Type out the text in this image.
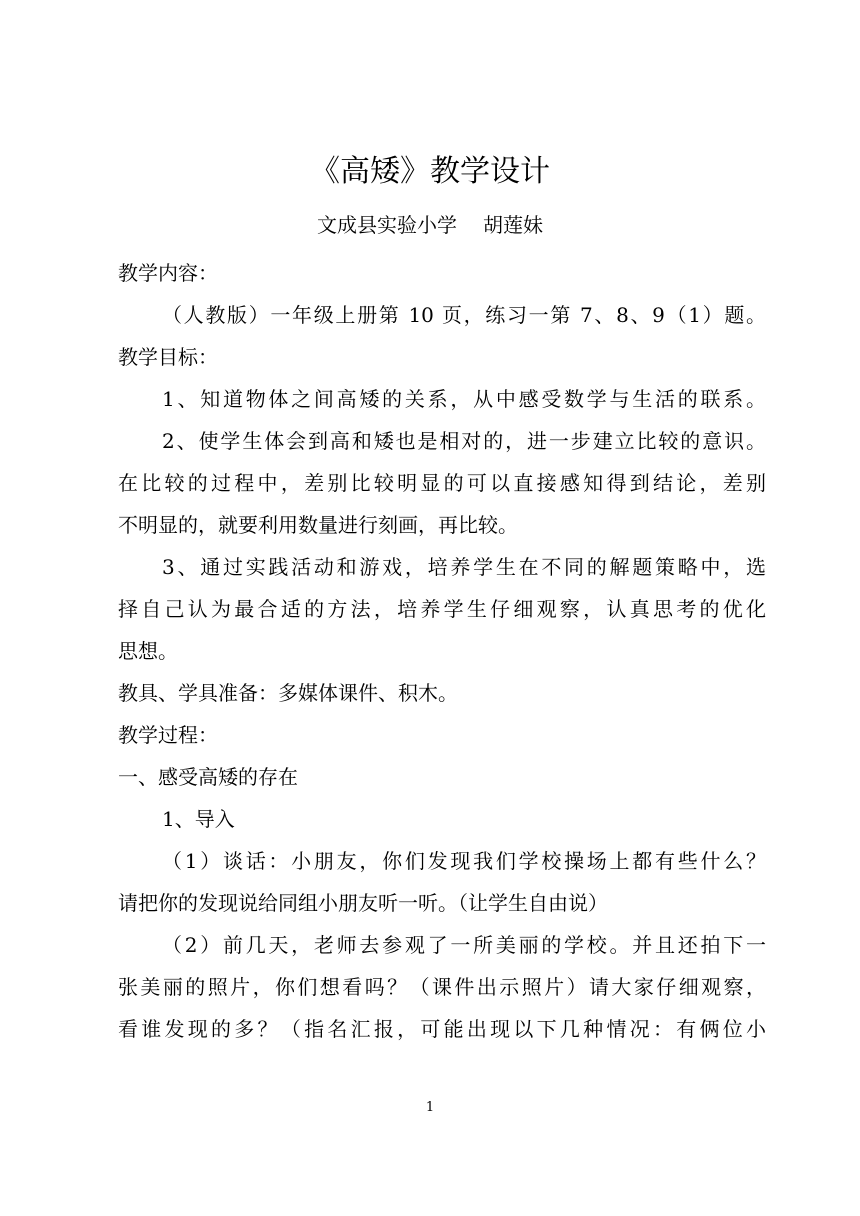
《高矮》教学设计
文成县实验小学 胡莲妹
教学内容：
（人教版）一年级上册第 10 页，练习一第 7、8、9（1）题。
教学目标：
1、知道物体之间高矮的关系，从中感受数学与生活的联系。
2、使学生体会到高和矮也是相对的，进一步建立比较的意识。
在比较的过程中，差别比较明显的可以直接感知得到结论，差别
不明显的，就要利用数量进行刻画，再比较。
3、通过实践活动和游戏，培养学生在不同的解题策略中，选
择自己认为最合适的方法，培养学生仔细观察，认真思考的优化
思想。
教具、学具准备：多媒体课件、积木。
教学过程：
一、感受高矮的存在
1、导入
（1）谈话：小朋友，你们发现我们学校操场上都有些什么？
请把你的发现说给同组小朋友听一听。（让学生自由说）
（2）前几天，老师去参观了一所美丽的学校。并且还拍下一
张美丽的照片，你们想看吗？（课件出示照片）请大家仔细观察，
看谁发现的多？（指名汇报，可能出现以下几种情况：有俩位小
1
